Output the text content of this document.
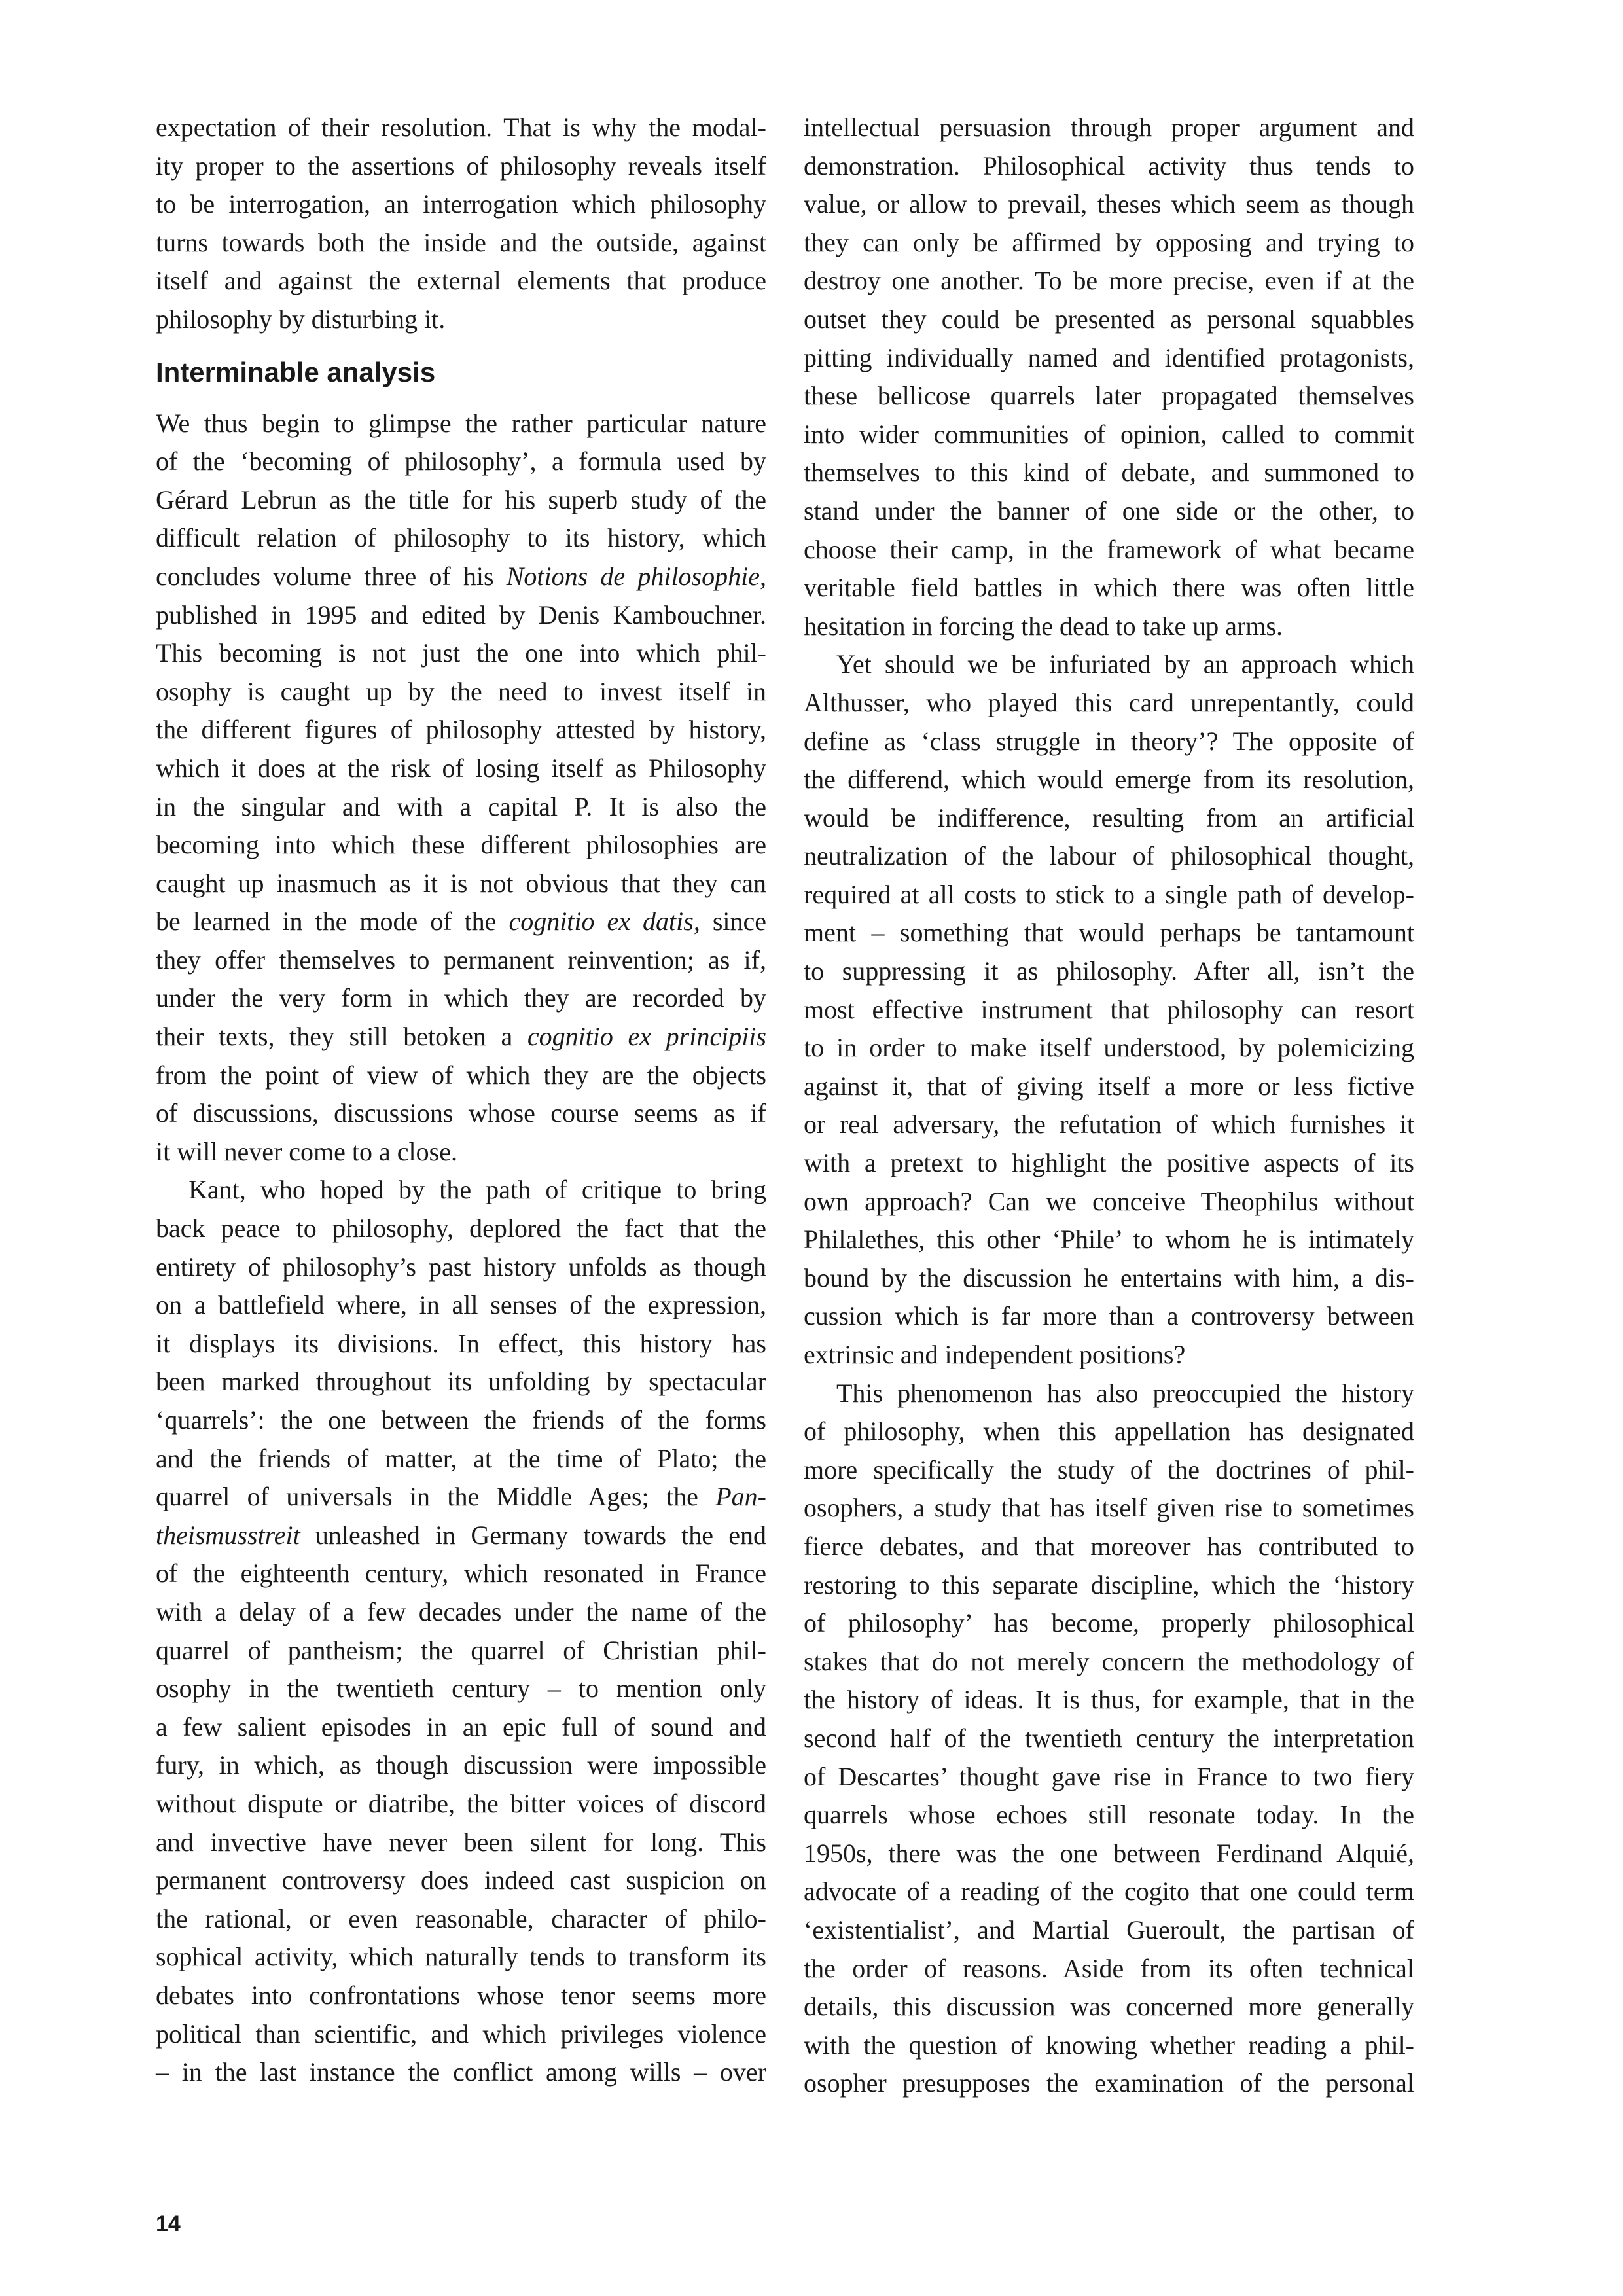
expectation of their resolution. That is why the modal-
ity proper to the assertions of philosophy reveals itself
to be interrogation, an interrogation which philosophy
turns towards both the inside and the outside, against
itself and against the external elements that produce
philosophy by disturbing it.
Interminable analysis
We thus begin to glimpse the rather particular nature
of the ‘becoming of philosophy’, a formula used by
Gérard Lebrun as the title for his superb study of the
difficult relation of philosophy to its history, which
concludes volume three of his Notions de philosophie,
published in 1995 and edited by Denis Kambouchner.
This becoming is not just the one into which phil-
osophy is caught up by the need to invest itself in
the different figures of philosophy attested by history,
which it does at the risk of losing itself as Philosophy
in the singular and with a capital P. It is also the
becoming into which these different philosophies are
caught up inasmuch as it is not obvious that they can
be learned in the mode of the cognitio ex datis, since
they offer themselves to permanent reinvention; as if,
under the very form in which they are recorded by
their texts, they still betoken a cognitio ex principiis
from the point of view of which they are the objects
of discussions, discussions whose course seems as if
it will never come to a close.
Kant, who hoped by the path of critique to bring
back peace to philosophy, deplored the fact that the
entirety of philosophy’s past history unfolds as though
on a battlefield where, in all senses of the expression,
it displays its divisions. In effect, this history has
been marked throughout its unfolding by spectacular
‘quarrels’: the one between the friends of the forms
and the friends of matter, at the time of Plato; the
quarrel of universals in the Middle Ages; the Pan-
theismusstreit unleashed in Germany towards the end
of the eighteenth century, which resonated in France
with a delay of a few decades under the name of the
quarrel of pantheism; the quarrel of Christian phil-
osophy in the twentieth century – to mention only
a few salient episodes in an epic full of sound and
fury, in which, as though discussion were impossible
without dispute or diatribe, the bitter voices of discord
and invective have never been silent for long. This
permanent controversy does indeed cast suspicion on
the rational, or even reasonable, character of philo-
sophical activity, which naturally tends to transform its
debates into confrontations whose tenor seems more
political than scientific, and which privileges violence
– in the last instance the conflict among wills – over
intellectual persuasion through proper argument and
demonstration. Philosophical activity thus tends to
value, or allow to prevail, theses which seem as though
they can only be affirmed by opposing and trying to
destroy one another. To be more precise, even if at the
outset they could be presented as personal squabbles
pitting individually named and identified protagonists,
these bellicose quarrels later propagated themselves
into wider communities of opinion, called to commit
themselves to this kind of debate, and summoned to
stand under the banner of one side or the other, to
choose their camp, in the framework of what became
veritable field battles in which there was often little
hesitation in forcing the dead to take up arms.
Yet should we be infuriated by an approach which
Althusser, who played this card unrepentantly, could
define as ‘class struggle in theory’? The opposite of
the differend, which would emerge from its resolution,
would be indifference, resulting from an artificial
neutralization of the labour of philosophical thought,
required at all costs to stick to a single path of develop-
ment – something that would perhaps be tantamount
to suppressing it as philosophy. After all, isn’t the
most effective instrument that philosophy can resort
to in order to make itself understood, by polemicizing
against it, that of giving itself a more or less fictive
or real adversary, the refutation of which furnishes it
with a pretext to highlight the positive aspects of its
own approach? Can we conceive Theophilus without
Philalethes, this other ‘Phile’ to whom he is intimately
bound by the discussion he entertains with him, a dis-
cussion which is far more than a controversy between
extrinsic and independent positions?
This phenomenon has also preoccupied the history
of philosophy, when this appellation has designated
more specifically the study of the doctrines of phil-
osophers, a study that has itself given rise to sometimes
fierce debates, and that moreover has contributed to
restoring to this separate discipline, which the ‘history
of philosophy’ has become, properly philosophical
stakes that do not merely concern the methodology of
the history of ideas. It is thus, for example, that in the
second half of the twentieth century the interpretation
of Descartes’ thought gave rise in France to two fiery
quarrels whose echoes still resonate today. In the
1950s, there was the one between Ferdinand Alquié,
advocate of a reading of the cogito that one could term
‘existentialist’, and Martial Gueroult, the partisan of
the order of reasons. Aside from its often technical
details, this discussion was concerned more generally
with the question of knowing whether reading a phil-
osopher presupposes the examination of the personal
14
